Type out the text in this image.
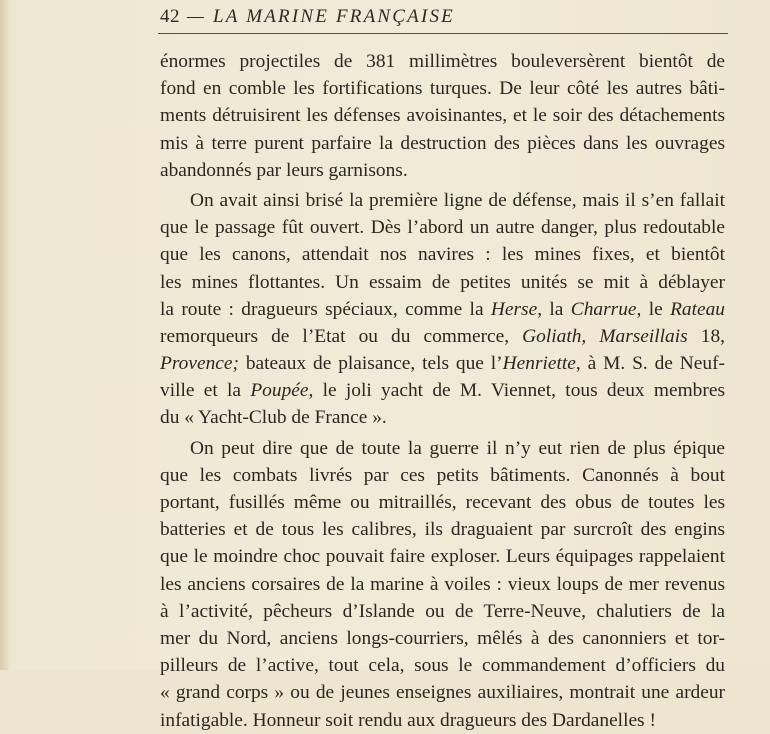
42 — LA MARINE FRANÇAISE
énormes projectiles de 381 millimètres bouleversèrent bientôt de
fond en comble les fortifications turques. De leur côté les autres bâti-
ments détruisirent les défenses avoisinantes, et le soir des détachements
mis à terre purent parfaire la destruction des pièces dans les ouvrages
abandonnés par leurs garnisons.
On avait ainsi brisé la première ligne de défense, mais il s’en fallait
que le passage fût ouvert. Dès l’abord un autre danger, plus redoutable
que les canons, attendait nos navires : les mines fixes, et bientôt
les mines flottantes. Un essaim de petites unités se mit à déblayer
la route : dragueurs spéciaux, comme la Herse, la Charrue, le Rateau
remorqueurs de l’Etat ou du commerce, Goliath, Marseillais 18,
Provence; bateaux de plaisance, tels que l’Henriette, à M. S. de Neuf-
ville et la Poupée, le joli yacht de M. Viennet, tous deux membres
du « Yacht-Club de France ».
On peut dire que de toute la guerre il n’y eut rien de plus épique
que les combats livrés par ces petits bâtiments. Canonnés à bout
portant, fusillés même ou mitraillés, recevant des obus de toutes les
batteries et de tous les calibres, ils draguaient par surcroît des engins
que le moindre choc pouvait faire exploser. Leurs équipages rappelaient
les anciens corsaires de la marine à voiles : vieux loups de mer revenus
à l’activité, pêcheurs d’Islande ou de Terre-Neuve, chalutiers de la
mer du Nord, anciens longs-courriers, mêlés à des canonniers et tor-
pilleurs de l’active, tout cela, sous le commandement d’officiers du
« grand corps » ou de jeunes enseignes auxiliaires, montrait une ardeur
infatigable. Honneur soit rendu aux dragueurs des Dardanelles !
